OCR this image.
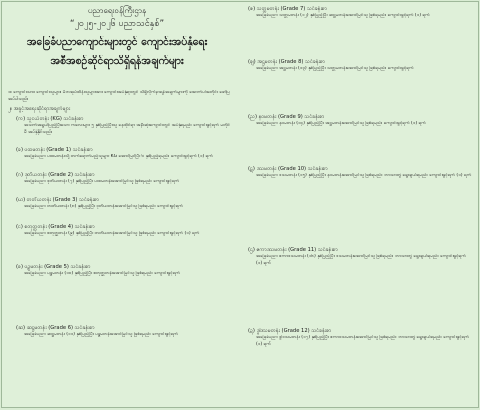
ပညာရေးဝန်ကြီးဌာန
“၂၀၂၅-၂၀၂၆ ပညာသင်နှစ်”
အခြေခံပညာကျောင်းများတွင် ကျောင်းအပ်နှံရေး
အစီအစဉ်ဆိုင်ရာသိရှိရန်အချက်များ
၁။ ကျောင်းသား၊ ကျောင်းသူများ၊ မိဘအုပ်ထိန်းသူများအား ကျောင်းအပ်နှံရာတွင် သိရှိလိုက်နာရန်အချက်များကို အောက်ပါအတိုင်း ဖော်ပြအပ်ပါသည်။
၂။ အခွင့်အရေးဆိုင်ရာအချက်များ
(က) သူငယ်တန်း (KG) သင်ခန်းစာ
အသက်အရွယ်ပြည့်ပြီးသော ကလေးများ ၅ နှစ်ပြည့်ပြီးသူ နေထိုင်ရာ အနီးဆုံးကျောင်းတွင် အပ်နှံရမည်။ ကျောင်းဖွင့်ရက် မတိုင်မီ အပ်နှံနိုင်သည်။
(ခ) ပထမတန်း (Grade 1) သင်ခန်းစာ
အခြေခံပညာ ပထမတန်းသို့ တက်ရောက်မည့်သူများ KG အောင်မြင်ပြီး ၆ နှစ်ပြည့်ရမည်။ ကျောင်းဖွင့်ရက် (၁) ရက်
(ဂ) ဒုတိယတန်း (Grade 2) သင်ခန်းစာ
အခြေခံပညာ ဒုတိယတန်း (၇) နှစ်ပြည့်ပြီး ပထမတန်းအောင်မြင်သူ ဖြစ်ရမည်။ ကျောင်းဖွင့်ရက်
(ဃ) တတိယတန်း (Grade 3) သင်ခန်းစာ
အခြေခံပညာ တတိယတန်း (၈) နှစ်ပြည့်ပြီး ဒုတိယတန်းအောင်မြင်သူ ဖြစ်ရမည်။ ကျောင်းဖွင့်ရက်
(င) စတုတ္ထတန်း (Grade 4) သင်ခန်းစာ
အခြေခံပညာ စတုတ္ထတန်း (၉) နှစ်ပြည့်ပြီး တတိယတန်းအောင်မြင်သူ ဖြစ်ရမည်။ ကျောင်းဖွင့်ရက် (၁) ရက်
(စ) ပဉ္စမတန်း (Grade 5) သင်ခန်းစာ
အခြေခံပညာ ပဉ္စမတန်း (၁၀) နှစ်ပြည့်ပြီး စတုတ္ထတန်းအောင်မြင်သူ ဖြစ်ရမည်။ ကျောင်းဖွင့်ရက်
(ဆ) ဆဋ္ဌမတန်း (Grade 6) သင်ခန်းစာ
အခြေခံပညာ ဆဋ္ဌမတန်း (၁၁) နှစ်ပြည့်ပြီး ပဉ္စမတန်းအောင်မြင်သူ ဖြစ်ရမည်။ ကျောင်းဖွင့်ရက်
(ဇ) သတ္တမတန်း (Grade 7) သင်ခန်းစာ
အခြေခံပညာ သတ္တမတန်း (၁၂) နှစ်ပြည့်ပြီး ဆဋ္ဌမတန်းအောင်မြင်သူ ဖြစ်ရမည်။ ကျောင်းဖွင့်ရက် (၁) ရက်
(ဈ) အဋ္ဌမတန်း (Grade 8) သင်ခန်းစာ
အခြေခံပညာ အဋ္ဌမတန်း (၁၃) နှစ်ပြည့်ပြီး သတ္တမတန်းအောင်မြင်သူ ဖြစ်ရမည်။ ကျောင်းဖွင့်ရက်
(ည) နဝမတန်း (Grade 9) သင်ခန်းစာ
အခြေခံပညာ နဝမတန်း (၁၄) နှစ်ပြည့်ပြီး အဋ္ဌမတန်းအောင်မြင်သူ ဖြစ်ရမည်။ ကျောင်းဖွင့်ရက် (၁) ရက်
(ဋ) ဒသမတန်း (Grade 10) သင်ခန်းစာ
အခြေခံပညာ ဒသမတန်း (၁၅) နှစ်ပြည့်ပြီး နဝမတန်းအောင်မြင်သူ ဖြစ်ရမည်။ ဘာသာတွဲ ရွေးချယ်ရမည်။ ကျောင်းဖွင့်ရက် (၁) ရက်
(ဌ) ဧကာဒသမတန်း (Grade 11) သင်ခန်းစာ
အခြေခံပညာ ဧကာဒသမတန်း (၁၆) နှစ်ပြည့်ပြီး ဒသမတန်းအောင်မြင်သူ ဖြစ်ရမည်။ ဘာသာတွဲ ရွေးချယ်ရမည်။ ကျောင်းဖွင့်ရက် (၁) ရက်
(ဍ) ဒွါဒသမတန်း (Grade 12) သင်ခန်းစာ
အခြေခံပညာ ဒွါဒသမတန်း (၁၇) နှစ်ပြည့်ပြီး ဧကာဒသမတန်းအောင်မြင်သူ ဖြစ်ရမည်။ ဘာသာတွဲ ရွေးချယ်ရမည်။ ကျောင်းဖွင့်ရက် (၁) ရက်
